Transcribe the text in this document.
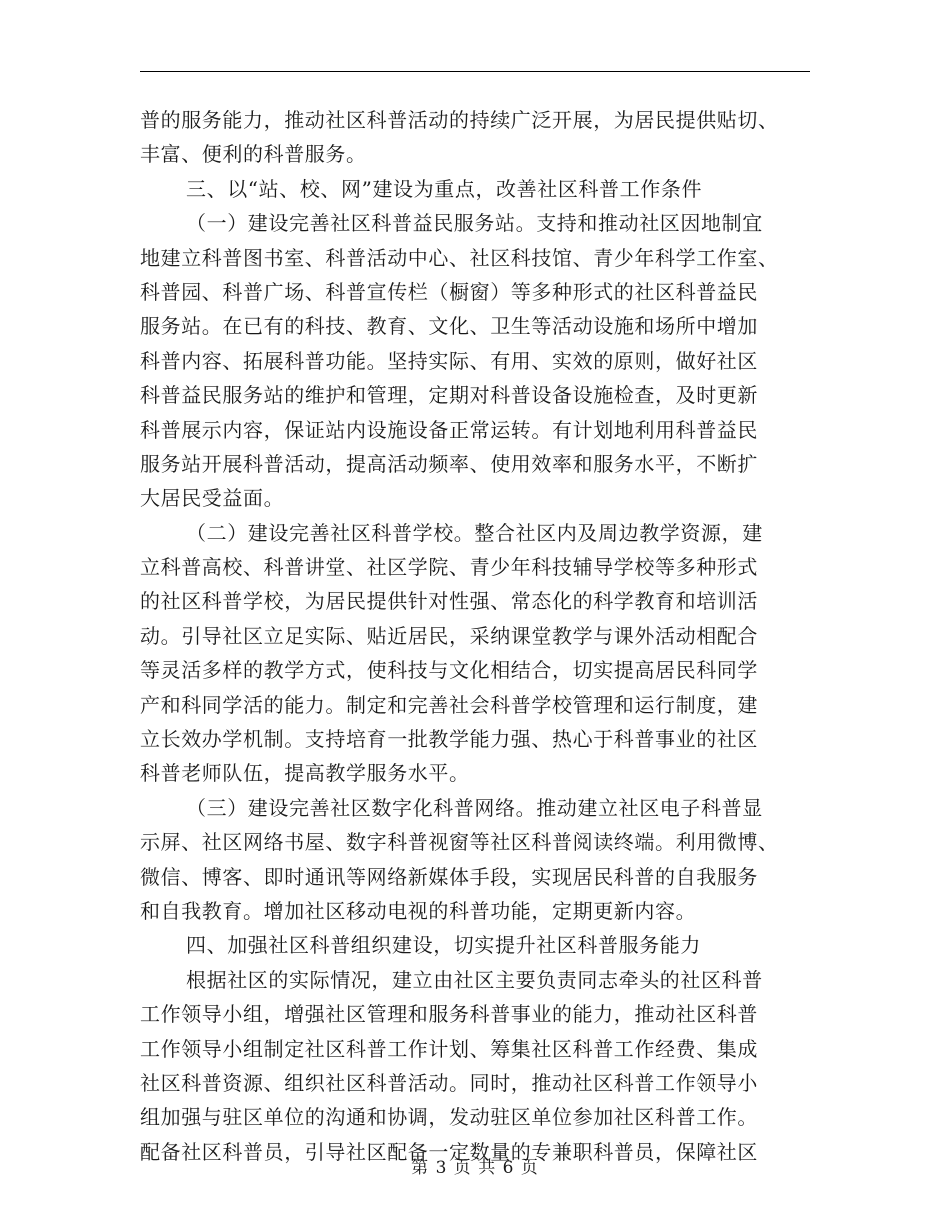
普的服务能力，推动社区科普活动的持续广泛开展，为居民提供贴切、
丰富、便利的科普服务。
三、以“站、校、网”建设为重点，改善社区科普工作条件
（一）建设完善社区科普益民服务站。支持和推动社区因地制宜
地建立科普图书室、科普活动中心、社区科技馆、青少年科学工作室、
科普园、科普广场、科普宣传栏（橱窗）等多种形式的社区科普益民
服务站。在已有的科技、教育、文化、卫生等活动设施和场所中增加
科普内容、拓展科普功能。坚持实际、有用、实效的原则，做好社区
科普益民服务站的维护和管理，定期对科普设备设施检查，及时更新
科普展示内容，保证站内设施设备正常运转。有计划地利用科普益民
服务站开展科普活动，提高活动频率、使用效率和服务水平，不断扩
大居民受益面。
（二）建设完善社区科普学校。整合社区内及周边教学资源，建
立科普高校、科普讲堂、社区学院、青少年科技辅导学校等多种形式
的社区科普学校，为居民提供针对性强、常态化的科学教育和培训活
动。引导社区立足实际、贴近居民，采纳课堂教学与课外活动相配合
等灵活多样的教学方式，使科技与文化相结合，切实提高居民科同学
产和科同学活的能力。制定和完善社会科普学校管理和运行制度，建
立长效办学机制。支持培育一批教学能力强、热心于科普事业的社区
科普老师队伍，提高教学服务水平。
（三）建设完善社区数字化科普网络。推动建立社区电子科普显
示屏、社区网络书屋、数字科普视窗等社区科普阅读终端。利用微博、
微信、博客、即时通讯等网络新媒体手段，实现居民科普的自我服务
和自我教育。增加社区移动电视的科普功能，定期更新内容。
四、加强社区科普组织建设，切实提升社区科普服务能力
根据社区的实际情况，建立由社区主要负责同志牵头的社区科普
工作领导小组，增强社区管理和服务科普事业的能力，推动社区科普
工作领导小组制定社区科普工作计划、筹集社区科普工作经费、集成
社区科普资源、组织社区科普活动。同时，推动社区科普工作领导小
组加强与驻区单位的沟通和协调，发动驻区单位参加社区科普工作。
配备社区科普员，引导社区配备一定数量的专兼职科普员，保障社区
第 3 页 共 6 页
